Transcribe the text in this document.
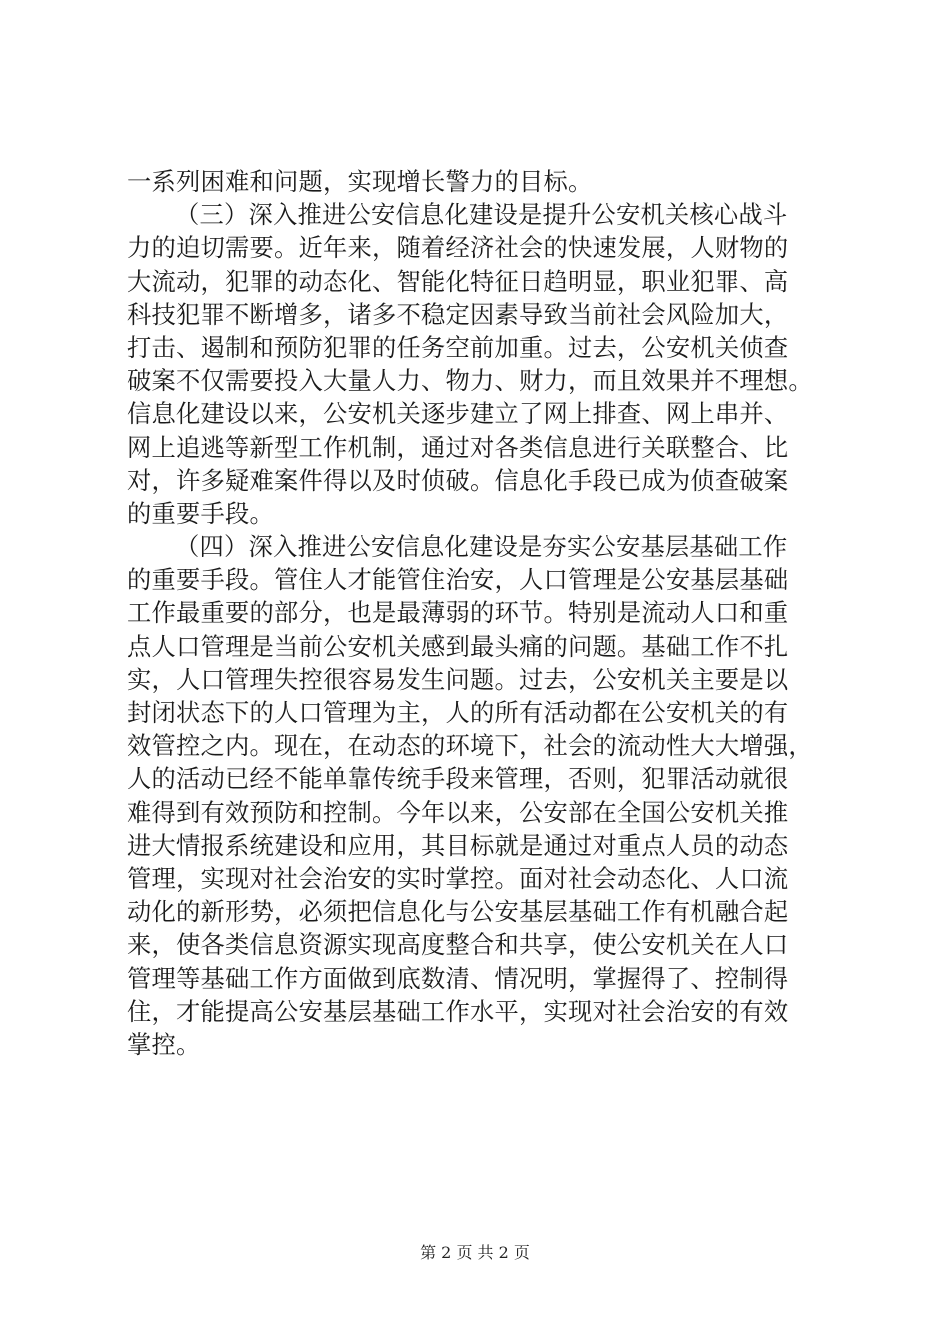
一系列困难和问题，实现增长警力的目标。
（三）深入推进公安信息化建设是提升公安机关核心战斗
力的迫切需要。近年来，随着经济社会的快速发展，人财物的
大流动，犯罪的动态化、智能化特征日趋明显，职业犯罪、高
科技犯罪不断增多，诸多不稳定因素导致当前社会风险加大，
打击、遏制和预防犯罪的任务空前加重。过去，公安机关侦查
破案不仅需要投入大量人力、物力、财力，而且效果并不理想。
信息化建设以来，公安机关逐步建立了网上排查、网上串并、
网上追逃等新型工作机制，通过对各类信息进行关联整合、比
对，许多疑难案件得以及时侦破。信息化手段已成为侦查破案
的重要手段。
（四）深入推进公安信息化建设是夯实公安基层基础工作
的重要手段。管住人才能管住治安，人口管理是公安基层基础
工作最重要的部分，也是最薄弱的环节。特别是流动人口和重
点人口管理是当前公安机关感到最头痛的问题。基础工作不扎
实，人口管理失控很容易发生问题。过去，公安机关主要是以
封闭状态下的人口管理为主，人的所有活动都在公安机关的有
效管控之内。现在，在动态的环境下，社会的流动性大大增强，
人的活动已经不能单靠传统手段来管理，否则，犯罪活动就很
难得到有效预防和控制。今年以来，公安部在全国公安机关推
进大情报系统建设和应用，其目标就是通过对重点人员的动态
管理，实现对社会治安的实时掌控。面对社会动态化、人口流
动化的新形势，必须把信息化与公安基层基础工作有机融合起
来，使各类信息资源实现高度整合和共享，使公安机关在人口
管理等基础工作方面做到底数清、情况明，掌握得了、控制得
住，才能提高公安基层基础工作水平，实现对社会治安的有效
掌控。
第 2 页 共 2 页
